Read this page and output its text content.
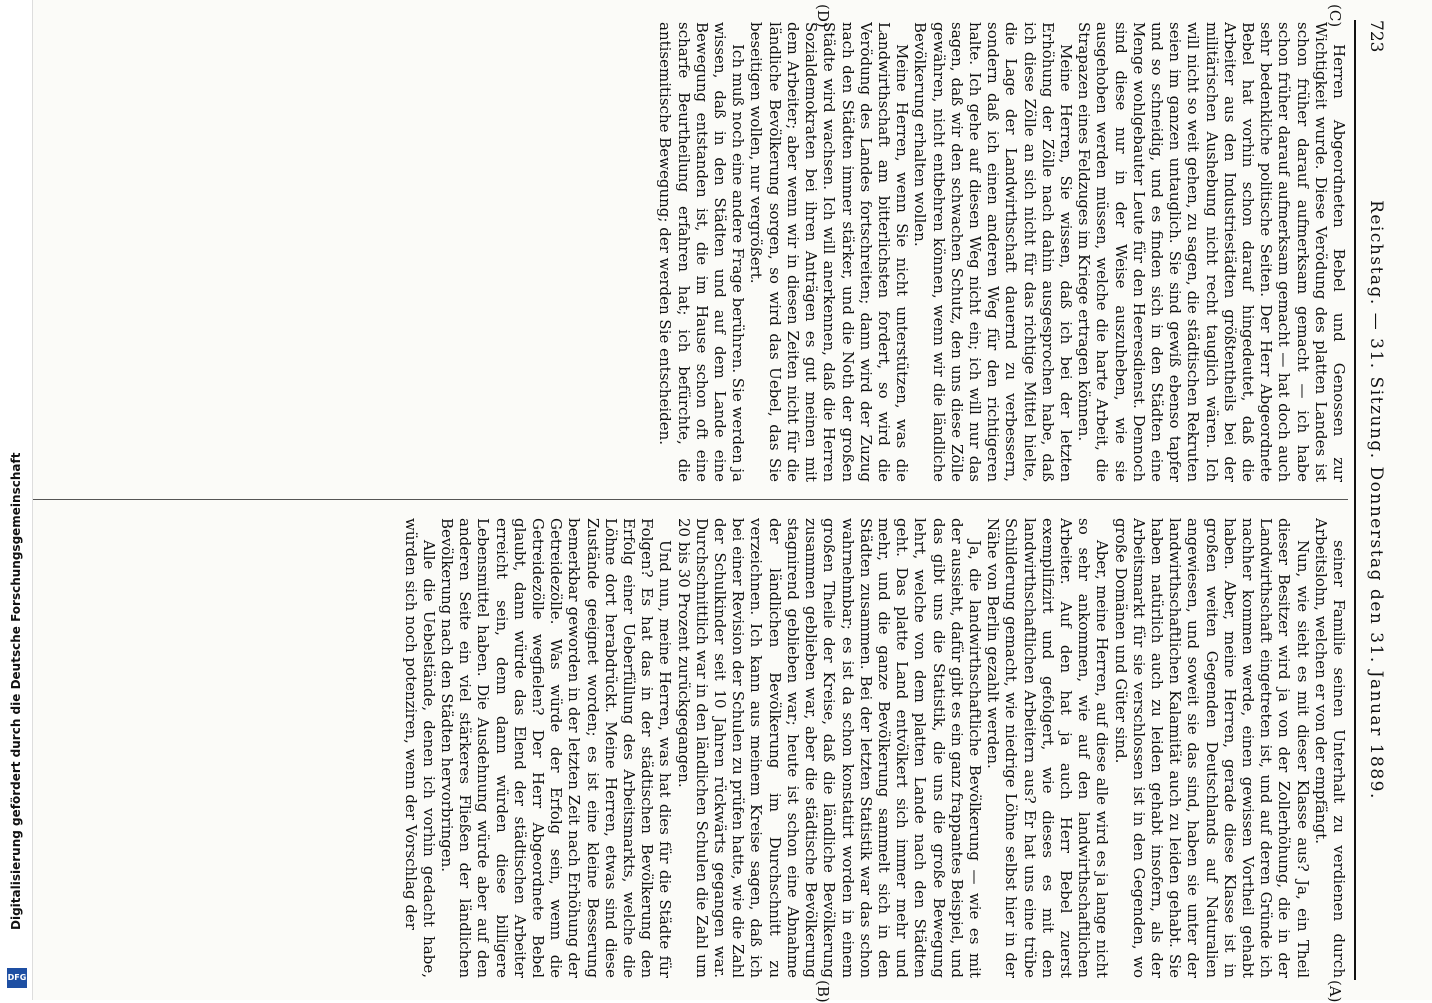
723
Reichstag. — 31. Sitzung. Donnerstag den 31. Januar 1889.
(C)
(D)
(A)
(B)

Herren Abgeordneten Bebel und Genossen zur Wichtigkeit wurde. Diese Verödung des platten Landes ist schon früher darauf aufmerksam gemacht — ich habe schon früher darauf aufmerksam gemacht — hat doch auch sehr bedenkliche politische Seiten. Der Herr Abgeordnete Bebel hat vorhin schon darauf hingedeutet, daß die Arbeiter aus den Industriestädten größtentheils bei der militärischen Aushebung nicht recht tauglich wären. Ich will nicht so weit gehen, zu sagen, die städtischen Rekruten seien im ganzen untauglich. Sie sind gewiß ebenso tapfer und so schneidig, und es finden sich in den Städten eine Menge wohlgebauter Leute für den Heeresdienst. Dennoch sind diese nur in der Weise auszuheben, wie sie ausgehoben werden müssen, welche die harte Arbeit, die Strapazen eines Feldzuges im Kriege ertragen können.

Meine Herren, Sie wissen, daß ich bei der letzten Erhöhung der Zölle nach dahin ausgesprochen habe, daß ich diese Zölle an sich nicht für das richtige Mittel hielte, die Lage der Landwirthschaft dauernd zu verbessern, sondern daß ich einen anderen Weg für den richtigeren halte. Ich gehe auf diesen Weg nicht ein; ich will nur das sagen, daß wir den schwachen Schutz, den uns diese Zölle gewähren, nicht entbehren können, wenn wir die ländliche Bevölkerung erhalten wollen.

Meine Herren, wenn Sie nicht unterstützen, was die Landwirthschaft am bitterlichsten fordert, so wird die Verödung des Landes fortschreiten; dann wird der Zuzug nach den Städten immer stärker, und die Noth der großen Städte wird wachsen. Ich will anerkennen, daß die Herren Sozialdemokraten bei ihren Anträgen es gut meinen mit dem Arbeiter; aber wenn wir in diesen Zeiten nicht für die ländliche Bevölkerung sorgen, so wird das Uebel, das Sie beseitigen wollen, nur vergrößert.

Ich muß noch eine andere Frage berühren. Sie werden ja wissen, daß in den Städten und auf dem Lande eine Bewegung entstanden ist, die im Hause schon oft eine scharfe Beurtheilung erfahren hat; ich befürchte, die antisemitische Bewegung; der werden Sie entscheiden.

seiner Familie seinen Unterhalt zu verdienen durch Arbeitslohn, welchen er von der empfängt.

Nun, wie sieht es mit dieser Klasse aus? Ja, ein Theil dieser Besitzer wird ja von der Zollerhöhung, die in der Landwirthschaft eingetreten ist, und auf deren Gründe ich nachher kommen werde, einen gewissen Vortheil gehabt haben. Aber, meine Herren, gerade diese Klasse ist in großen weiten Gegenden Deutschlands auf Naturalien angewiesen, und soweit sie das sind, haben sie unter der landwirthschaftlichen Kalamität auch zu leiden gehabt. Sie haben natürlich auch zu leiden gehabt insofern, als der Arbeitsmarkt für sie verschlossen ist in den Gegenden, wo große Domänen und Güter sind.

Aber, meine Herren, auf diese alle wird es ja lange nicht so sehr ankommen, wie auf den landwirthschaftlichen Arbeiter. Auf den hat ja auch Herr Bebel zuerst exemplifizirt und gefolgert, wie dieses es mit den landwirthschaftlichen Arbeitern aus? Er hat uns eine trübe Schilderung gemacht, wie niedrige Löhne selbst hier in der Nähe von Berlin gezahlt werden.

Ja, die landwirthschaftliche Bevölkerung — wie es mit der aussieht, dafür gibt es ein ganz frappantes Beispiel, und das gibt uns die Statistik, die uns die große Bewegung lehrt, welche von dem platten Lande nach den Städten geht. Das platte Land entvölkert sich immer mehr und mehr, und die ganze Bevölkerung sammelt sich in den Städten zusammen. Bei der letzten Statistik war das schon wahrnehmbar; es ist da schon konstatirt worden in einem großen Theile der Kreise, daß die ländliche Bevölkerung zusammen geblieben war, aber die städtische Bevölkerung stagnirend geblieben war; heute ist schon eine Abnahme der ländlichen Bevölkerung im Durchschnitt zu verzeichnen. Ich kann aus meinem Kreise sagen, daß ich bei einer Revision der Schulen zu prüfen hatte, wie die Zahl der Schulkinder seit 10 Jahren rückwärts gegangen war. Durchschnittlich war in den ländlichen Schulen die Zahl um 20 bis 30 Prozent zurückgegangen.

Und nun, meine Herren, was hat dies für die Städte für Folgen? Es hat das in der städtischen Bevölkerung den Erfolg einer Ueberfüllung des Arbeitsmarkts, welche die Löhne dort herabdrückt. Meine Herren, etwas sind diese Zustände geeignet worden; es ist eine kleine Besserung bemerkbar geworden in der letzten Zeit nach Erhöhung der Getreidezölle. Was würde der Erfolg sein, wenn die Getreidezölle wegfielen? Der Herr Abgeordnete Bebel glaubt, dann würde das Elend der städtischen Arbeiter erreicht sein, denn dann würden diese billigere Lebensmittel haben. Die Ausdehnung würde aber auf den anderen Seite ein viel stärkeres Fließen der ländlichen Bevölkerung nach den Städten hervorbringen.

Alle die Uebelstände, denen ich vorhin gedacht habe, würden sich noch potenziren, wenn der Vorschlag der

Digitalisierung gefördert durch die Deutsche Forschungsgemeinschaft
DFG
